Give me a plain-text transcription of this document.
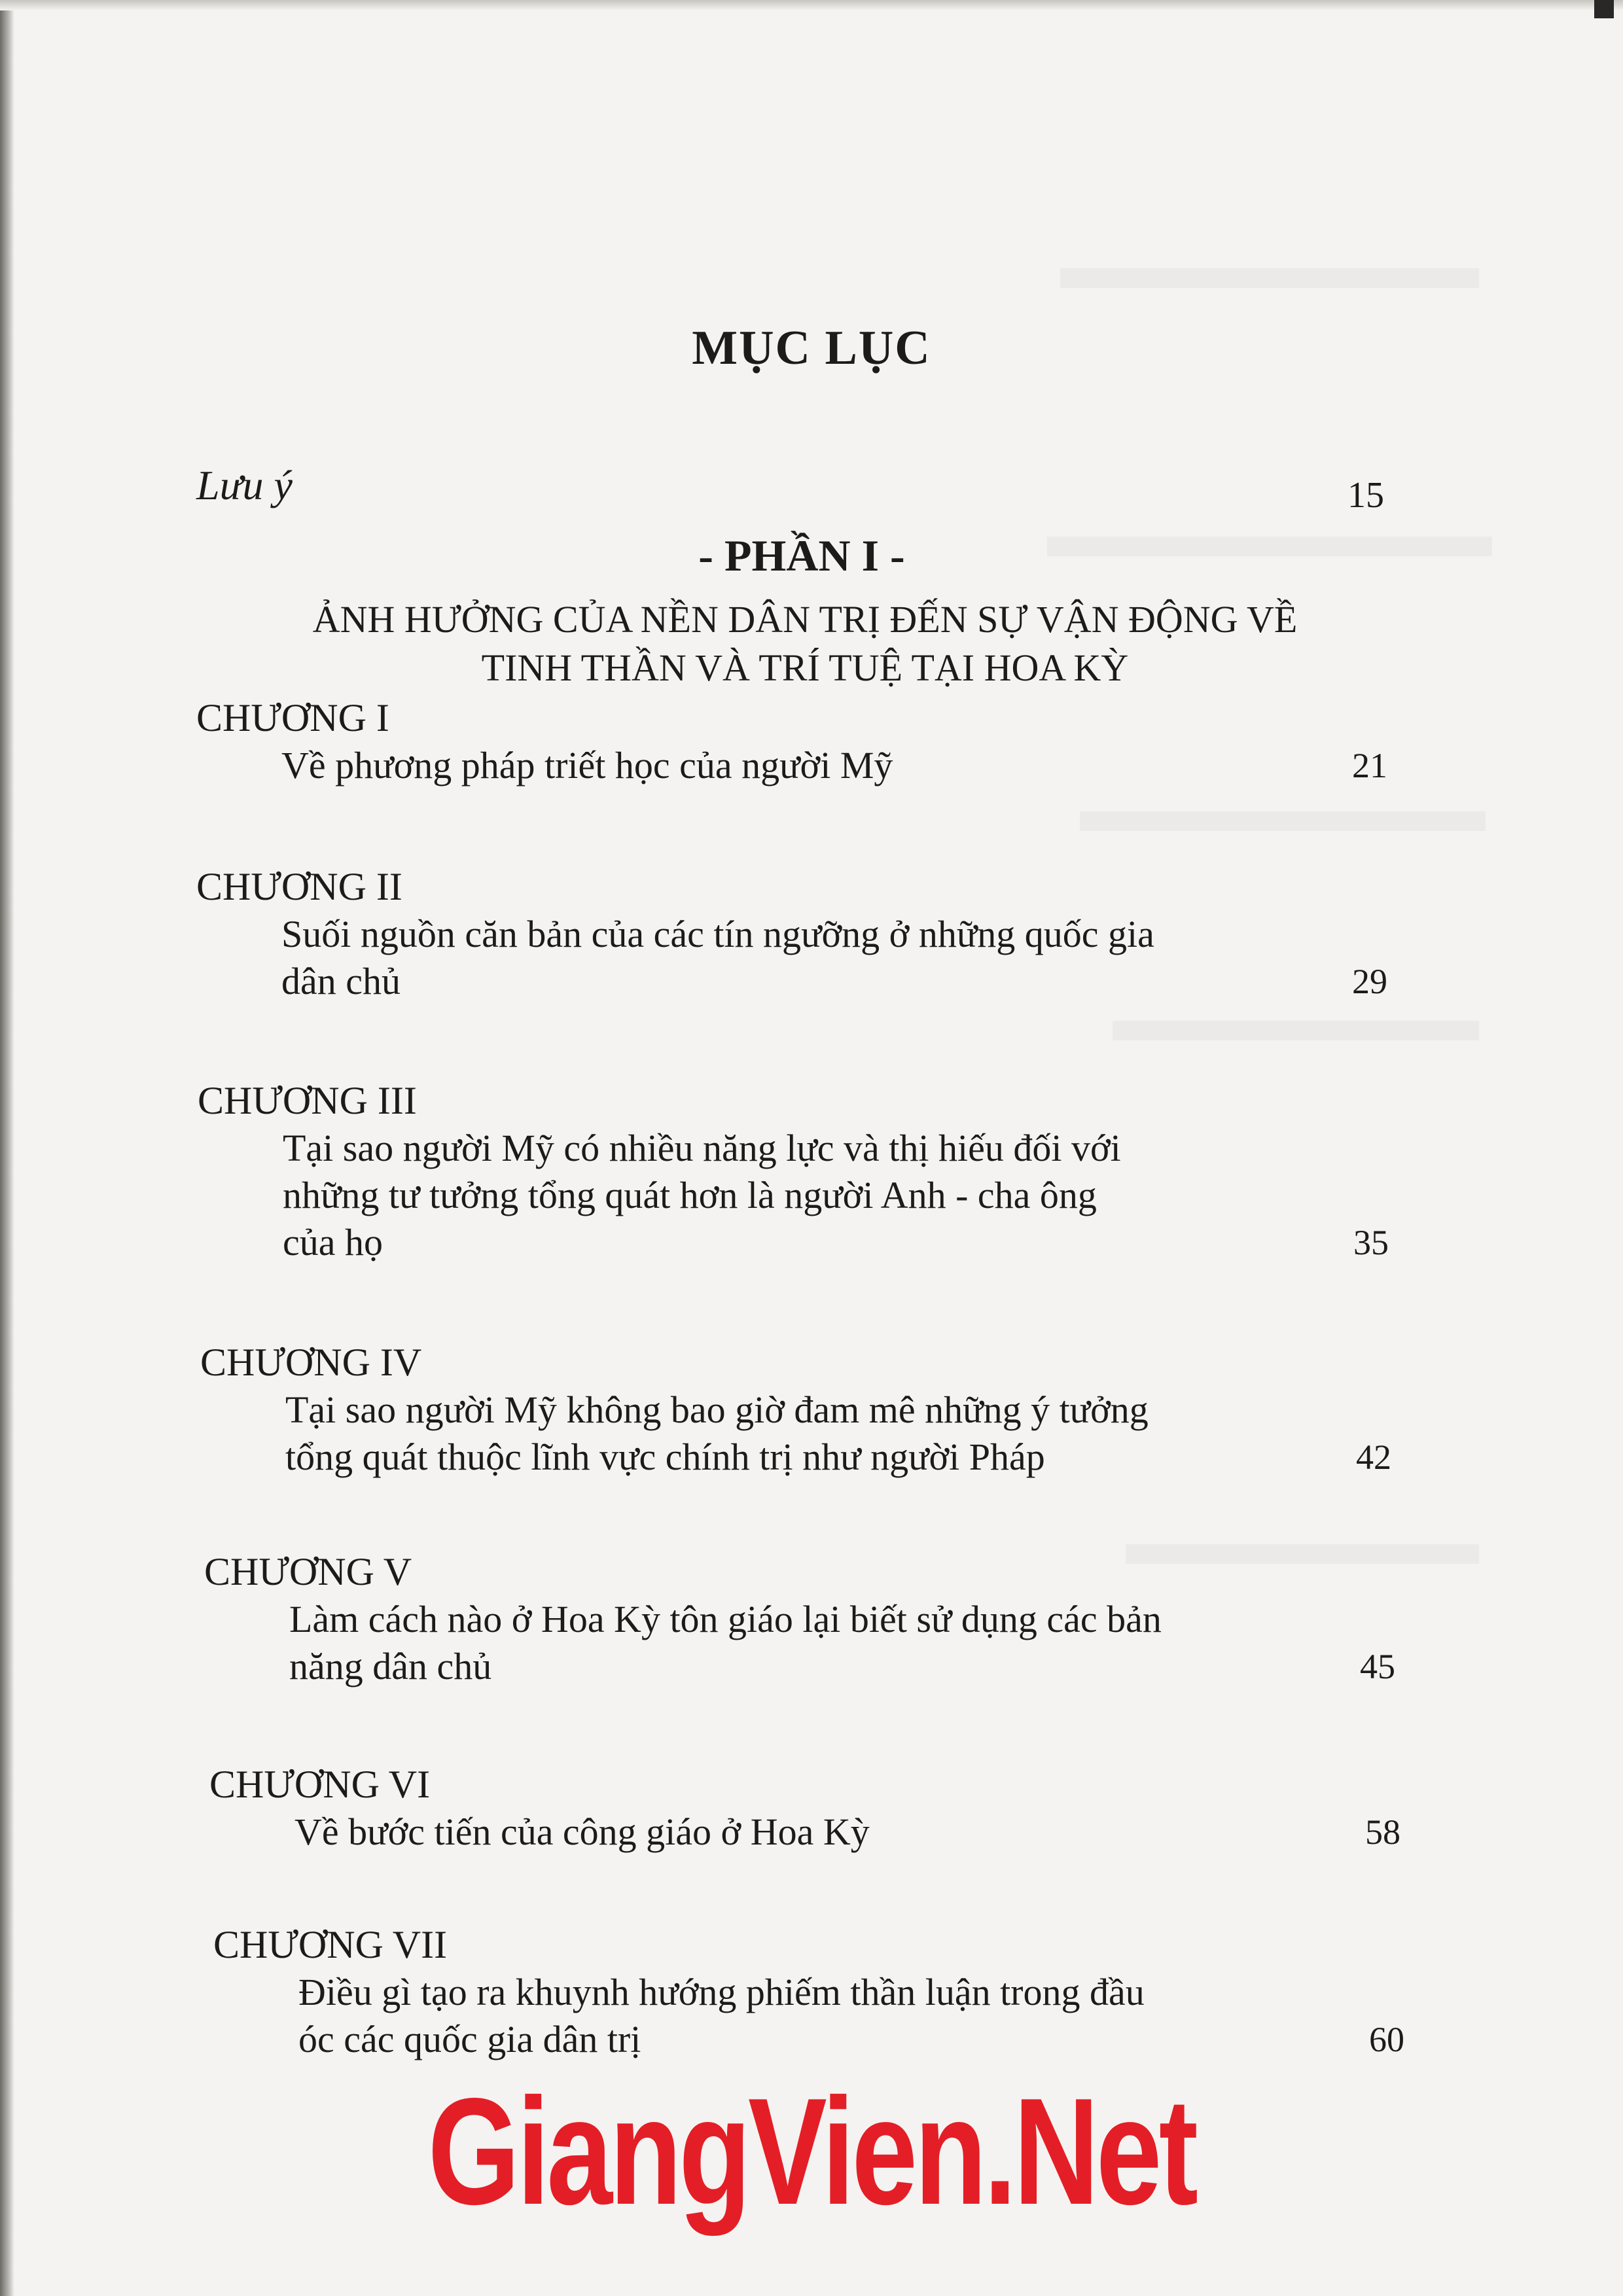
MỤC LỤC
Lưu ý	15
- PHẦN I -
ẢNH HƯỞNG CỦA NỀN DÂN TRỊ ĐẾN SỰ VẬN ĐỘNG VỀ
TINH THẦN VÀ TRÍ TUỆ TẠI HOA KỲ
CHƯƠNG I
Về phương pháp triết học của người Mỹ	21
CHƯƠNG II
Suối nguồn căn bản của các tín ngưỡng ở những quốc gia
dân chủ	29
CHƯƠNG III
Tại sao người Mỹ có nhiều năng lực và thị hiếu đối với
những tư tưởng tổng quát hơn là người Anh - cha ông
của họ	35
CHƯƠNG IV
Tại sao người Mỹ không bao giờ đam mê những ý tưởng
tổng quát thuộc lĩnh vực chính trị như người Pháp	42
CHƯƠNG V
Làm cách nào ở Hoa Kỳ tôn giáo lại biết sử dụng các bản
năng dân chủ	45
CHƯƠNG VI
Về bước tiến của công giáo ở Hoa Kỳ	58
CHƯƠNG VII
Điều gì tạo ra khuynh hướng phiếm thần luận trong đầu
óc các quốc gia dân trị	60
GiangVien.Net
